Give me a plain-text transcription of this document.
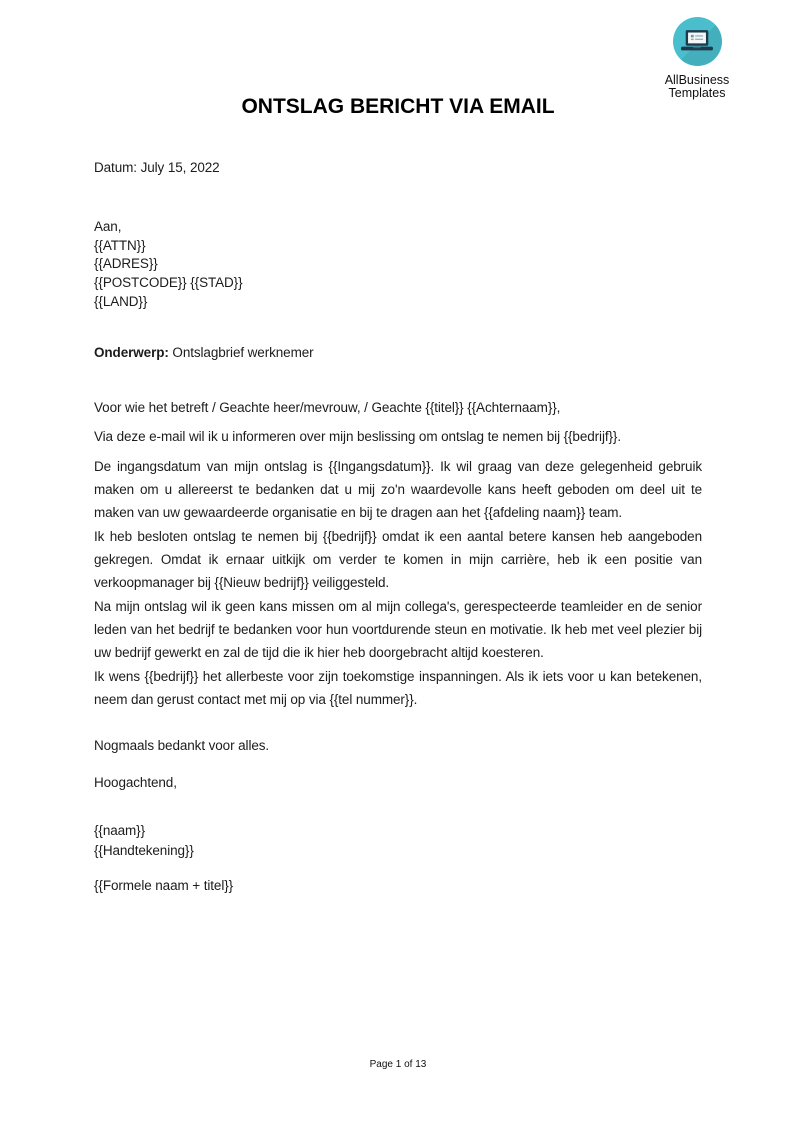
AllBusiness
Templates
ONTSLAG BERICHT VIA EMAIL
Datum: July 15, 2022
Aan,
{{ATTN}}
{{ADRES}}
{{POSTCODE}} {{STAD}}
{{LAND}}
Onderwerp: Ontslagbrief werknemer
Voor wie het betreft / Geachte heer/mevrouw, / Geachte {{titel}} {{Achternaam}},
Via deze e-mail wil ik u informeren over mijn beslissing om ontslag te nemen bij {{bedrijf}}.
De ingangsdatum van mijn ontslag is {{Ingangsdatum}}. Ik wil graag van deze gelegenheid gebruik maken om u allereerst te bedanken dat u mij zo'n waardevolle kans heeft geboden om deel uit te maken van uw gewaardeerde organisatie en bij te dragen aan het {{afdeling naam}} team.
Ik heb besloten ontslag te nemen bij {{bedrijf}} omdat ik een aantal betere kansen heb aangeboden gekregen. Omdat ik ernaar uitkijk om verder te komen in mijn carrière, heb ik een positie van verkoopmanager bij {{Nieuw bedrijf}} veiliggesteld.
Na mijn ontslag wil ik geen kans missen om al mijn collega's, gerespecteerde teamleider en de senior leden van het bedrijf te bedanken voor hun voortdurende steun en motivatie. Ik heb met veel plezier bij uw bedrijf gewerkt en zal de tijd die ik hier heb doorgebracht altijd koesteren.
Ik wens {{bedrijf}} het allerbeste voor zijn toekomstige inspanningen. Als ik iets voor u kan betekenen, neem dan gerust contact met mij op via {{tel nummer}}.
Nogmaals bedankt voor alles.
Hoogachtend,
{{naam}}
{{Handtekening}}
{{Formele naam + titel}}
Page 1 of 13
